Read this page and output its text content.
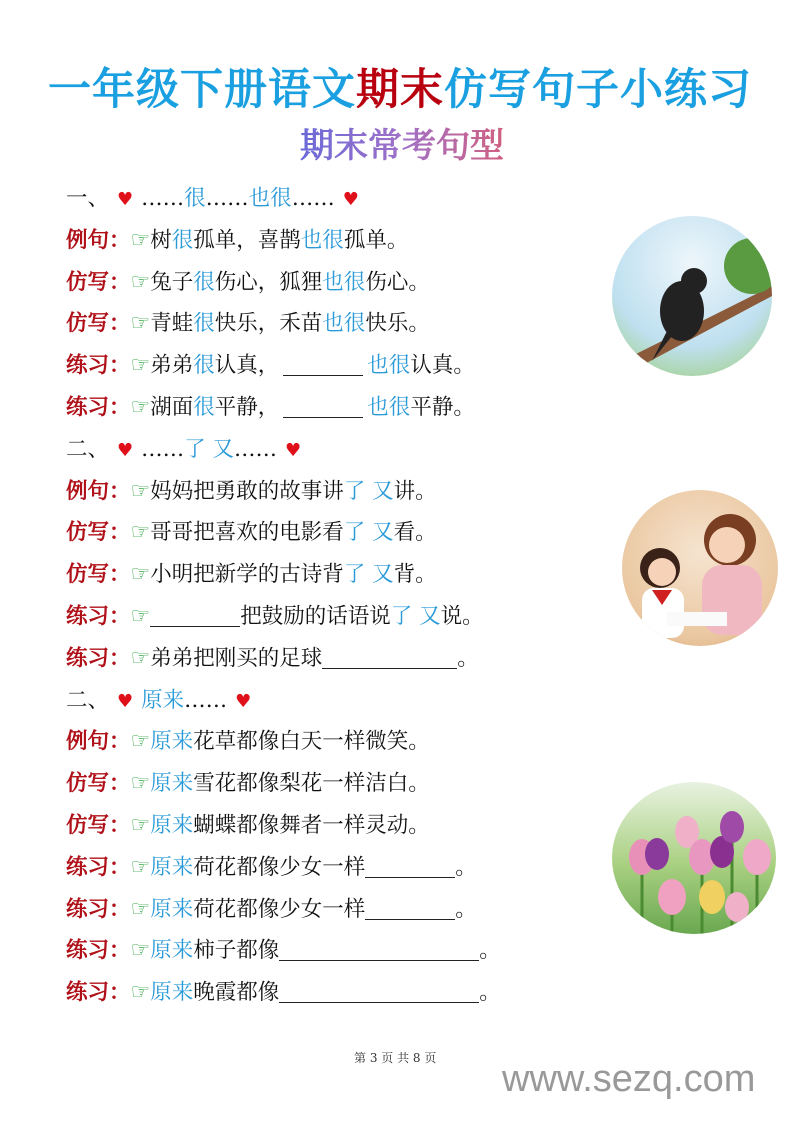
一年级下册语文期末仿写句子小练习
期末常考句型
一、 ♥ ……很……也很…… ♥
例句：☞树很孤单，喜鹊也很孤单。
仿写：☞兔子很伤心，狐狸也很伤心。
仿写：☞青蛙很快乐，禾苗也很快乐。
练习：☞弟弟很认真，	也很认真。
练习：☞湖面很平静，	也很平静。
二、 ♥ ……了 又…… ♥
例句：☞妈妈把勇敢的故事讲了 又讲。
仿写：☞哥哥把喜欢的电影看了 又看。
仿写：☞小明把新学的古诗背了 又背。
练习：☞	把鼓励的话语说了 又说。
练习：☞弟弟把刚买的足球	。
二、 ♥ 原来…… ♥
例句：☞原来花草都像白天一样微笑。
仿写：☞原来雪花都像梨花一样洁白。
仿写：☞原来蝴蝶都像舞者一样灵动。
练习：☞原来荷花都像少女一样	。
练习：☞原来荷花都像少女一样	。
练习：☞原来柿子都像	。
练习：☞原来晚霞都像	。
第 3 页 共 8 页 www.sezq.com
